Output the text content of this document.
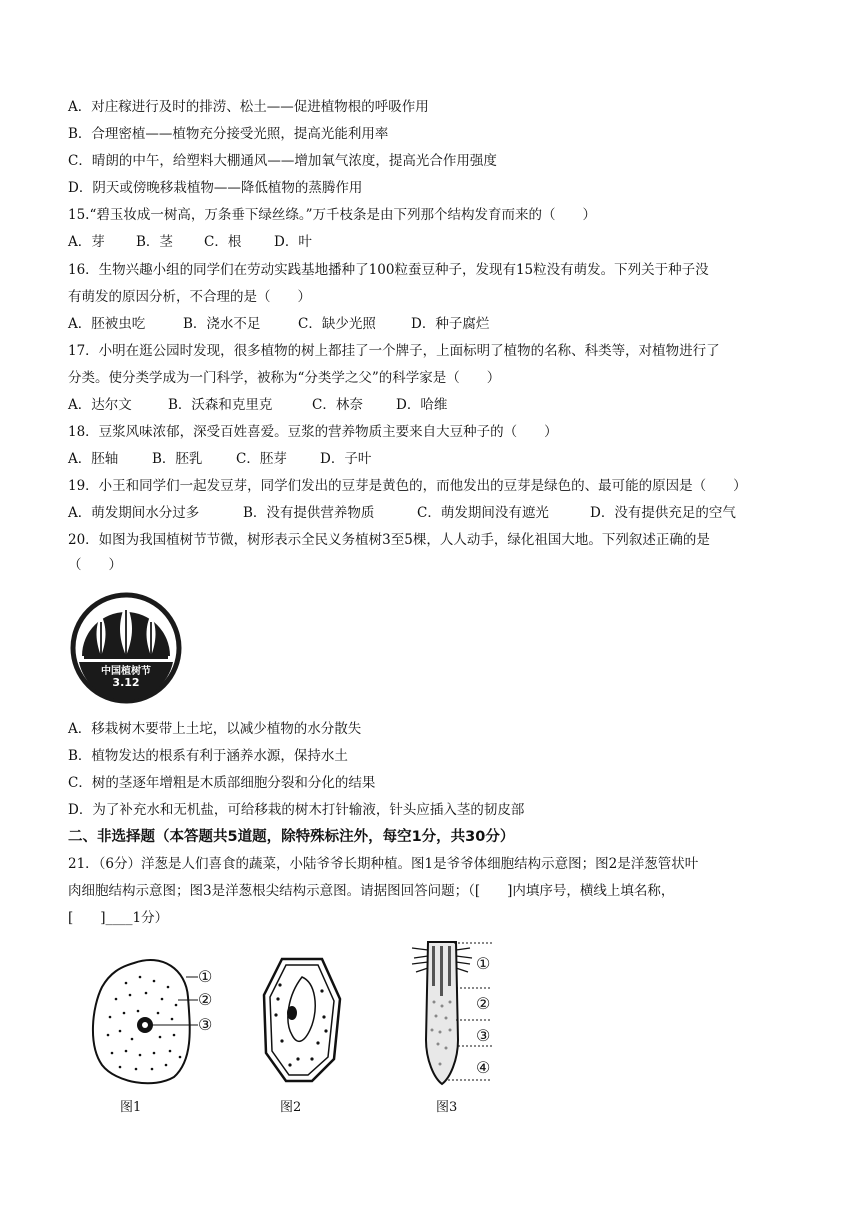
A．对庄稼进行及时的排涝、松土——促进植物根的呼吸作用
B．合理密植——植物充分接受光照，提高光能利用率
C．晴朗的中午，给塑料大棚通风——增加氧气浓度，提高光合作用强度
D．阴天或傍晚移栽植物——降低植物的蒸腾作用
15.“碧玉妆成一树高，万条垂下绿丝绦。”万千枝条是由下列那个结构发育而来的（　　）
A．芽 B．茎 C．根 D．叶
16．生物兴趣小组的同学们在劳动实践基地播种了100粒蚕豆种子，发现有15粒没有萌发。下列关于种子没
有萌发的原因分析，不合理的是（　　）
A．胚被虫吃	B．浇水不足	C．缺少光照	D．种子腐烂
17．小明在逛公园时发现，很多植物的树上都挂了一个牌子，上面标明了植物的名称、科类等，对植物进行了
分类。使分类学成为一门科学，被称为“分类学之父”的科学家是（　　）
A．达尔文	B．沃森和克里克	C．林奈 D．哈维
18．豆浆风味浓郁，深受百姓喜爱。豆浆的营养物质主要来自大豆种子的（　　）
A．胚轴	B．胚乳 C．胚芽 D．子叶
19．小王和同学们一起发豆芽，同学们发出的豆芽是黄色的，而他发出的豆芽是绿色的、最可能的原因是（　　）
A．萌发期间水分过多	B．没有提供营养物质	C．萌发期间没有遮光	D．没有提供充足的空气
20．如图为我国植树节节微，树形表示全民义务植树3至5棵，人人动手，绿化祖国大地。下列叙述正确的是
（　　）
中国植树节
3.12
A．移栽树木要带上土坨，以减少植物的水分散失
B．植物发达的根系有利于涵养水源，保持水土
C．树的茎逐年增粗是木质部细胞分裂和分化的结果
D．为了补充水和无机盐，可给移栽的树木打针输液，针头应插入茎的韧皮部
二、非选择题（本答题共5道题，除特殊标注外，每空1分，共30分）
21．（6分）洋葱是人们喜食的蔬菜，小陆爷爷长期种植。图1是爷爷体细胞结构示意图；图2是洋葱管状叶
肉细胞结构示意图；图3是洋葱根尖结构示意图。请据图回答问题；（[　　]内填序号，横线上填名称，
[　　]____1分）
①
②
③
①
②
③
④
图1	图2	图3
